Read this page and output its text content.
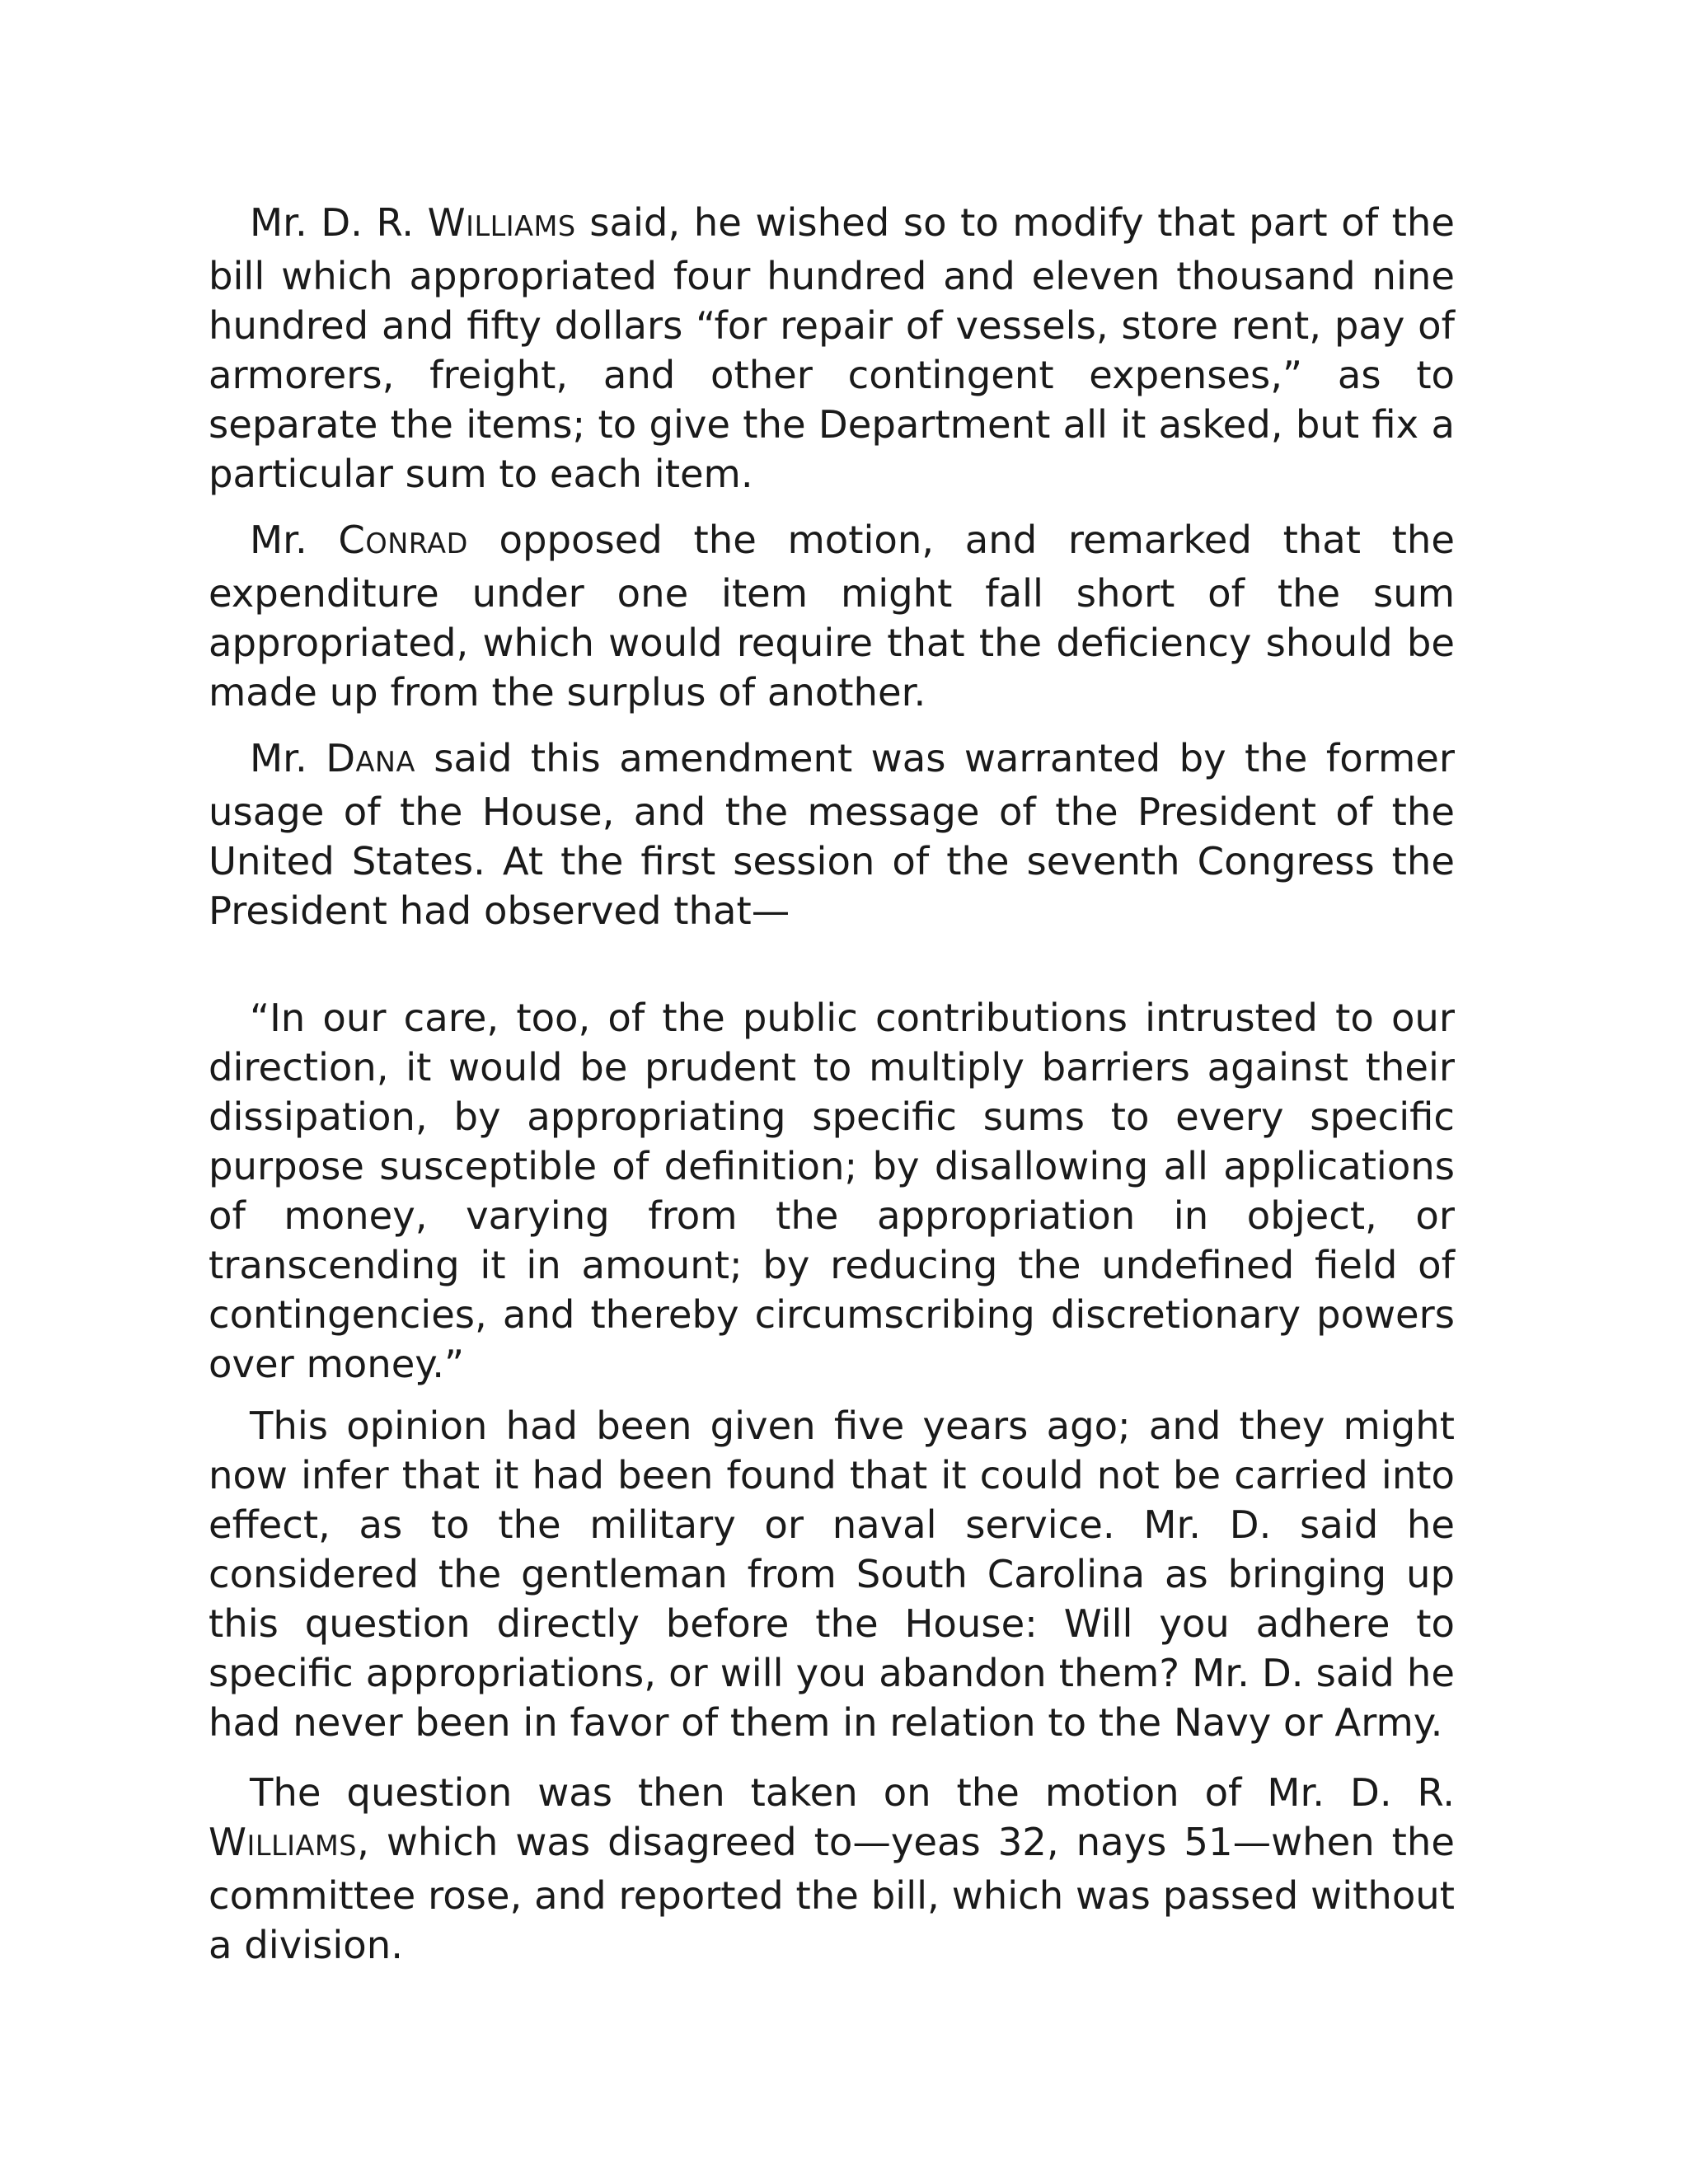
Mr. D. R. WILLIAMS said, he wished so to modify that part of the bill which appropriated four hundred and eleven thousand nine hundred and fifty dollars “for repair of vessels, store rent, pay of armorers, freight, and other contingent expenses,” as to separate the items; to give the Department all it asked, but fix a particular sum to each item.

Mr. CONRAD opposed the motion, and remarked that the expenditure under one item might fall short of the sum appropriated, which would require that the deficiency should be made up from the surplus of another.

Mr. DANA said this amendment was warranted by the former usage of the House, and the message of the President of the United States. At the first session of the seventh Congress the President had observed that—

“In our care, too, of the public contributions intrusted to our direction, it would be prudent to multiply barriers against their dissipation, by appropriating specific sums to every specific purpose susceptible of definition; by disallowing all applications of money, varying from the appropriation in object, or transcending it in amount; by reducing the undefined field of contingencies, and thereby circumscribing discretionary powers over money.”

This opinion had been given five years ago; and they might now infer that it had been found that it could not be carried into effect, as to the military or naval service. Mr. D. said he considered the gentleman from South Carolina as bringing up this question directly before the House: Will you adhere to specific appropriations, or will you abandon them? Mr. D. said he had never been in favor of them in relation to the Navy or Army.

The question was then taken on the motion of Mr. D. R. WILLIAMS, which was disagreed to—yeas 32, nays 51—when the committee rose, and reported the bill, which was passed without a division.
